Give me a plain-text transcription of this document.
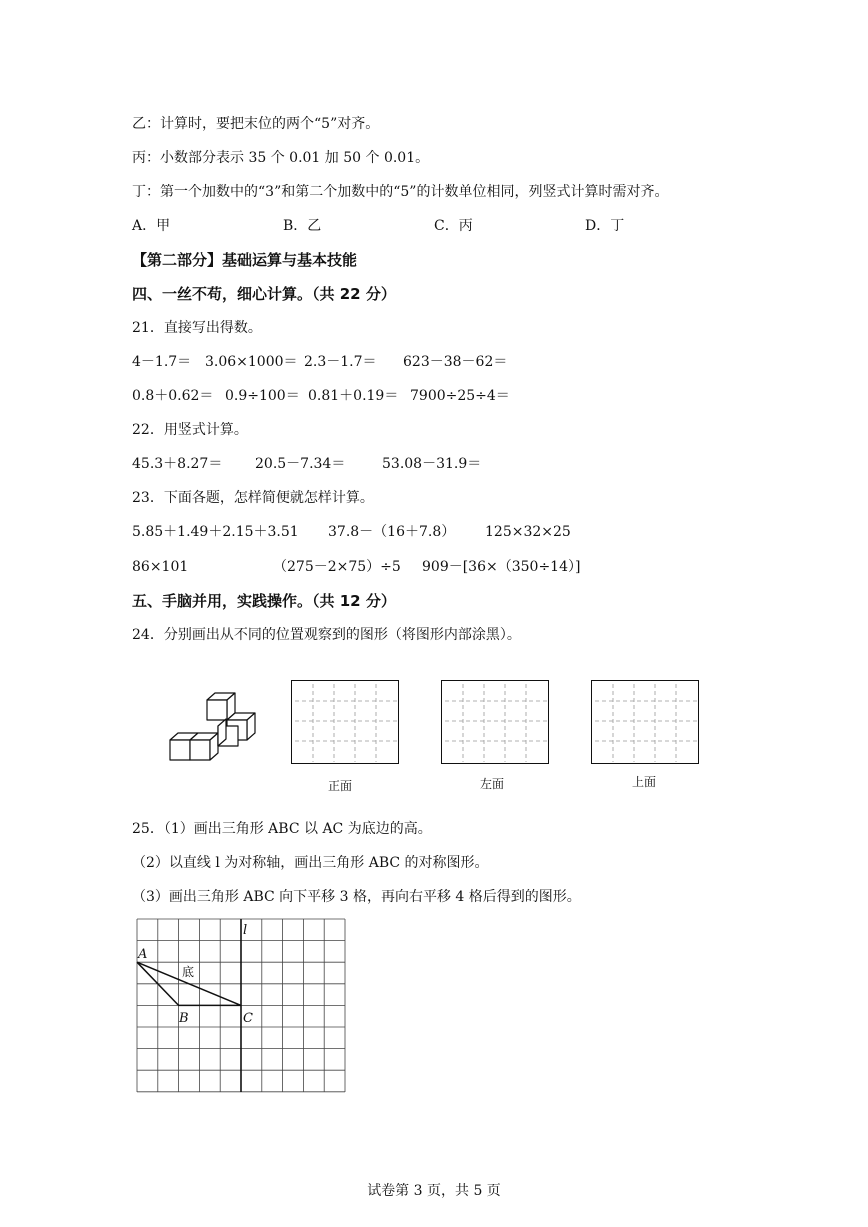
乙：计算时，要把末位的两个“5”对齐。
丙：小数部分表示 35 个 0.01 加 50 个 0.01。
丁：第一个加数中的“3”和第二个加数中的“5”的计数单位相同，列竖式计算时需对齐。
A．甲	B．乙	C．丙	D．丁
【第二部分】基础运算与基本技能
四、一丝不苟，细心计算。（共 22 分）
21．直接写出得数。
4－1.7＝ 3.06×1000＝ 2.3－1.7＝ 623－38－62＝
0.8＋0.62＝ 0.9÷100＝ 0.81＋0.19＝ 7900÷25÷4＝
22．用竖式计算。
45.3＋8.27＝ 20.5－7.34＝	53.08－31.9＝
23．下面各题，怎样简便就怎样计算。
5.85＋1.49＋2.15＋3.51 37.8－（16＋7.8） 125×32×25
86×101	（275－2×75）÷5 909－[36×（350÷14）]
五、手脑并用，实践操作。（共 12 分）
24．分别画出从不同的位置观察到的图形（将图形内部涂黑）。
正面	左面	上面
25．（1）画出三角形 ABC 以 AC 为底边的高。
（2）以直线 l 为对称轴，画出三角形 ABC 的对称图形。
（3）画出三角形 ABC 向下平移 3 格，再向右平移 4 格后得到的图形。
A
B	C
l
底
试卷第 3 页，共 5 页
